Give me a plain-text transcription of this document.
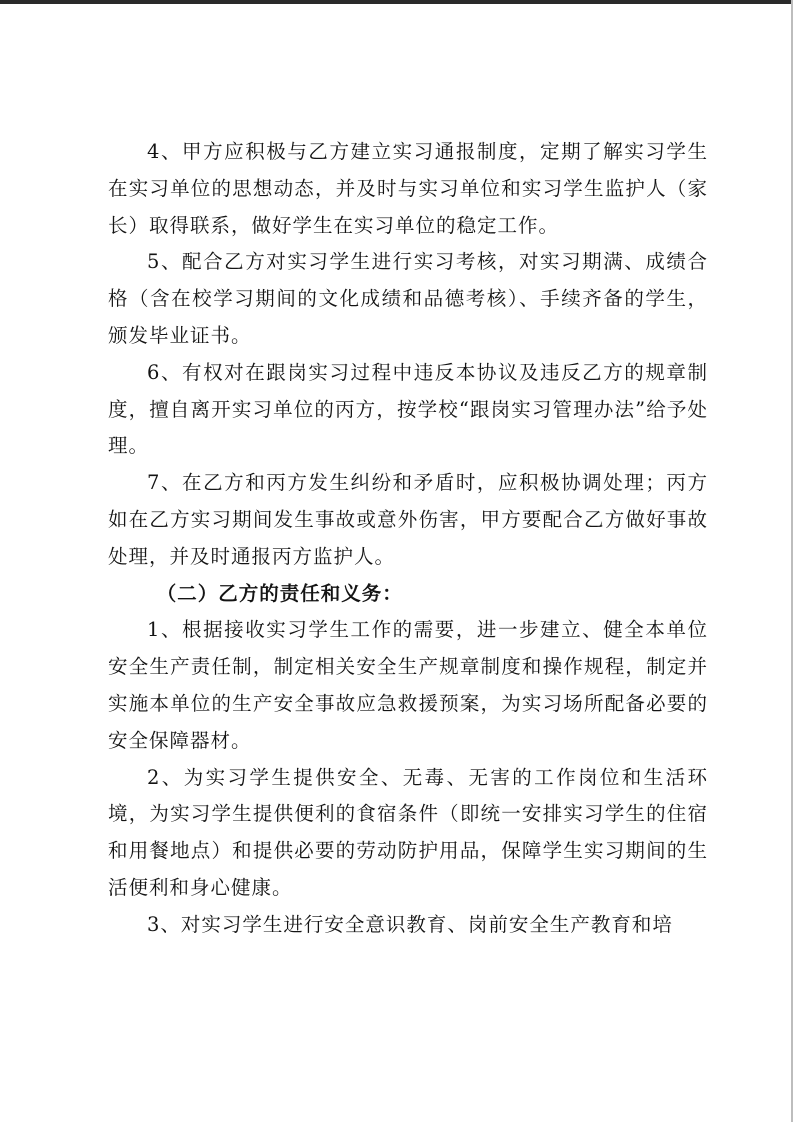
4、甲方应积极与乙方建立实习通报制度，定期了解实习学生在实习单位的思想动态，并及时与实习单位和实习学生监护人（家长）取得联系，做好学生在实习单位的稳定工作。

5、配合乙方对实习学生进行实习考核，对实习期满、成绩合格（含在校学习期间的文化成绩和品德考核）、手续齐备的学生，颁发毕业证书。

6、有权对在跟岗实习过程中违反本协议及违反乙方的规章制度，擅自离开实习单位的丙方，按学校“跟岗实习管理办法”给予处理。

7、在乙方和丙方发生纠纷和矛盾时，应积极协调处理；丙方如在乙方实习期间发生事故或意外伤害，甲方要配合乙方做好事故处理，并及时通报丙方监护人。

（二）乙方的责任和义务：

1、根据接收实习学生工作的需要，进一步建立、健全本单位安全生产责任制，制定相关安全生产规章制度和操作规程，制定并实施本单位的生产安全事故应急救援预案，为实习场所配备必要的安全保障器材。

2、为实习学生提供安全、无毒、无害的工作岗位和生活环境，为实习学生提供便利的食宿条件（即统一安排实习学生的住宿和用餐地点）和提供必要的劳动防护用品，保障学生实习期间的生活便利和身心健康。

3、对实习学生进行安全意识教育、岗前安全生产教育和培
